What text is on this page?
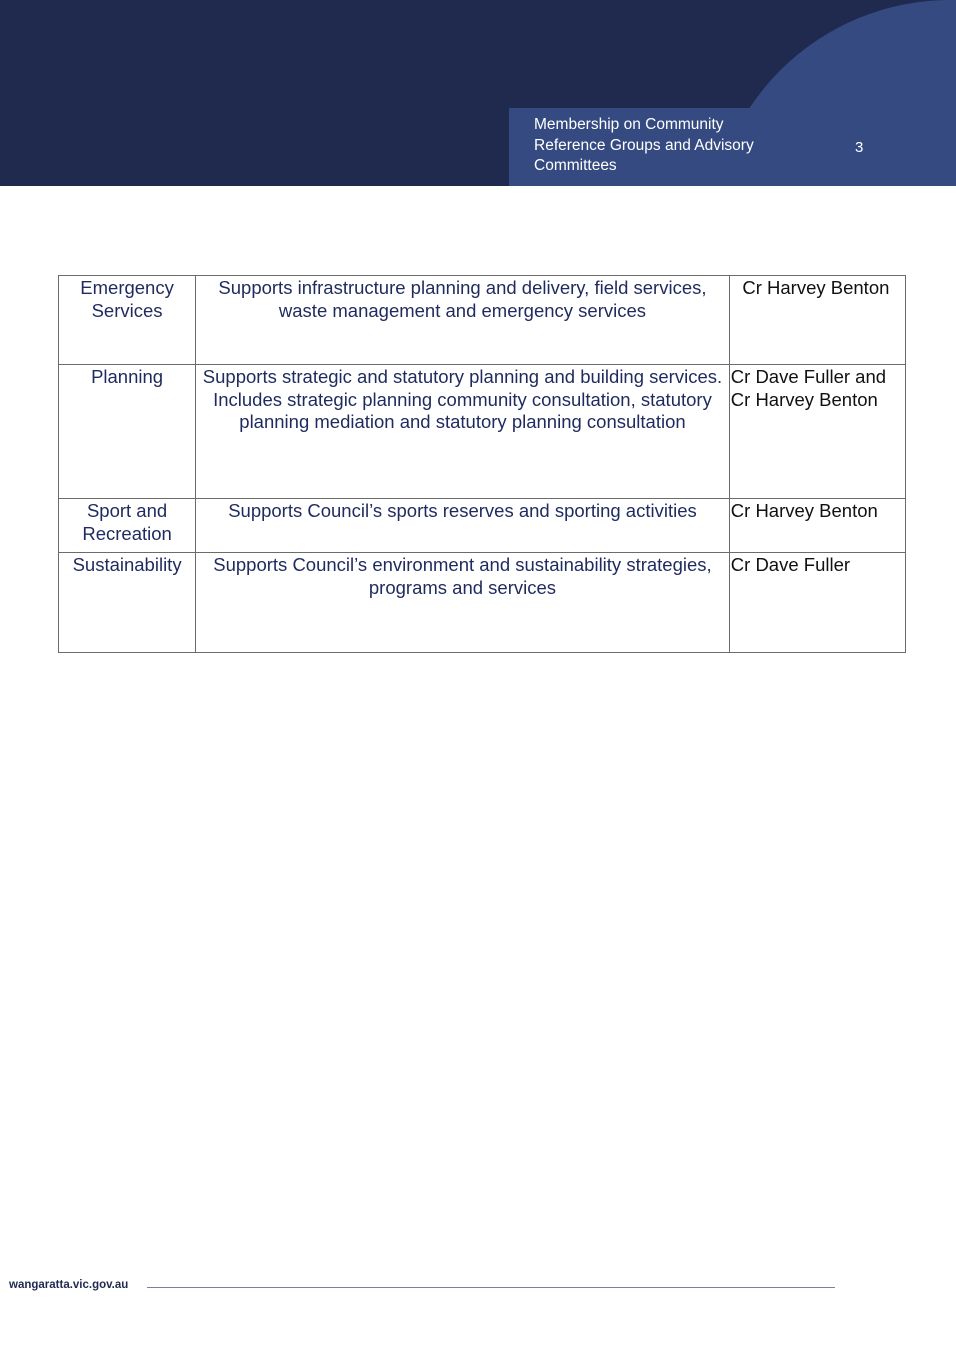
Membership on Community
Reference Groups and Advisory
Committees
3
Emergency Services	Supports infrastructure planning and delivery, field services, waste management and emergency services	Cr Harvey Benton
Planning	Supports strategic and statutory planning and building services. Includes strategic planning community consultation, statutory planning mediation and statutory planning consultation	Cr Dave Fuller and Cr Harvey Benton
Sport and Recreation	Supports Council’s sports reserves and sporting activities	Cr Harvey Benton
Sustainability	Supports Council’s environment and sustainability strategies, programs and services	Cr Dave Fuller
wangaratta.vic.gov.au
